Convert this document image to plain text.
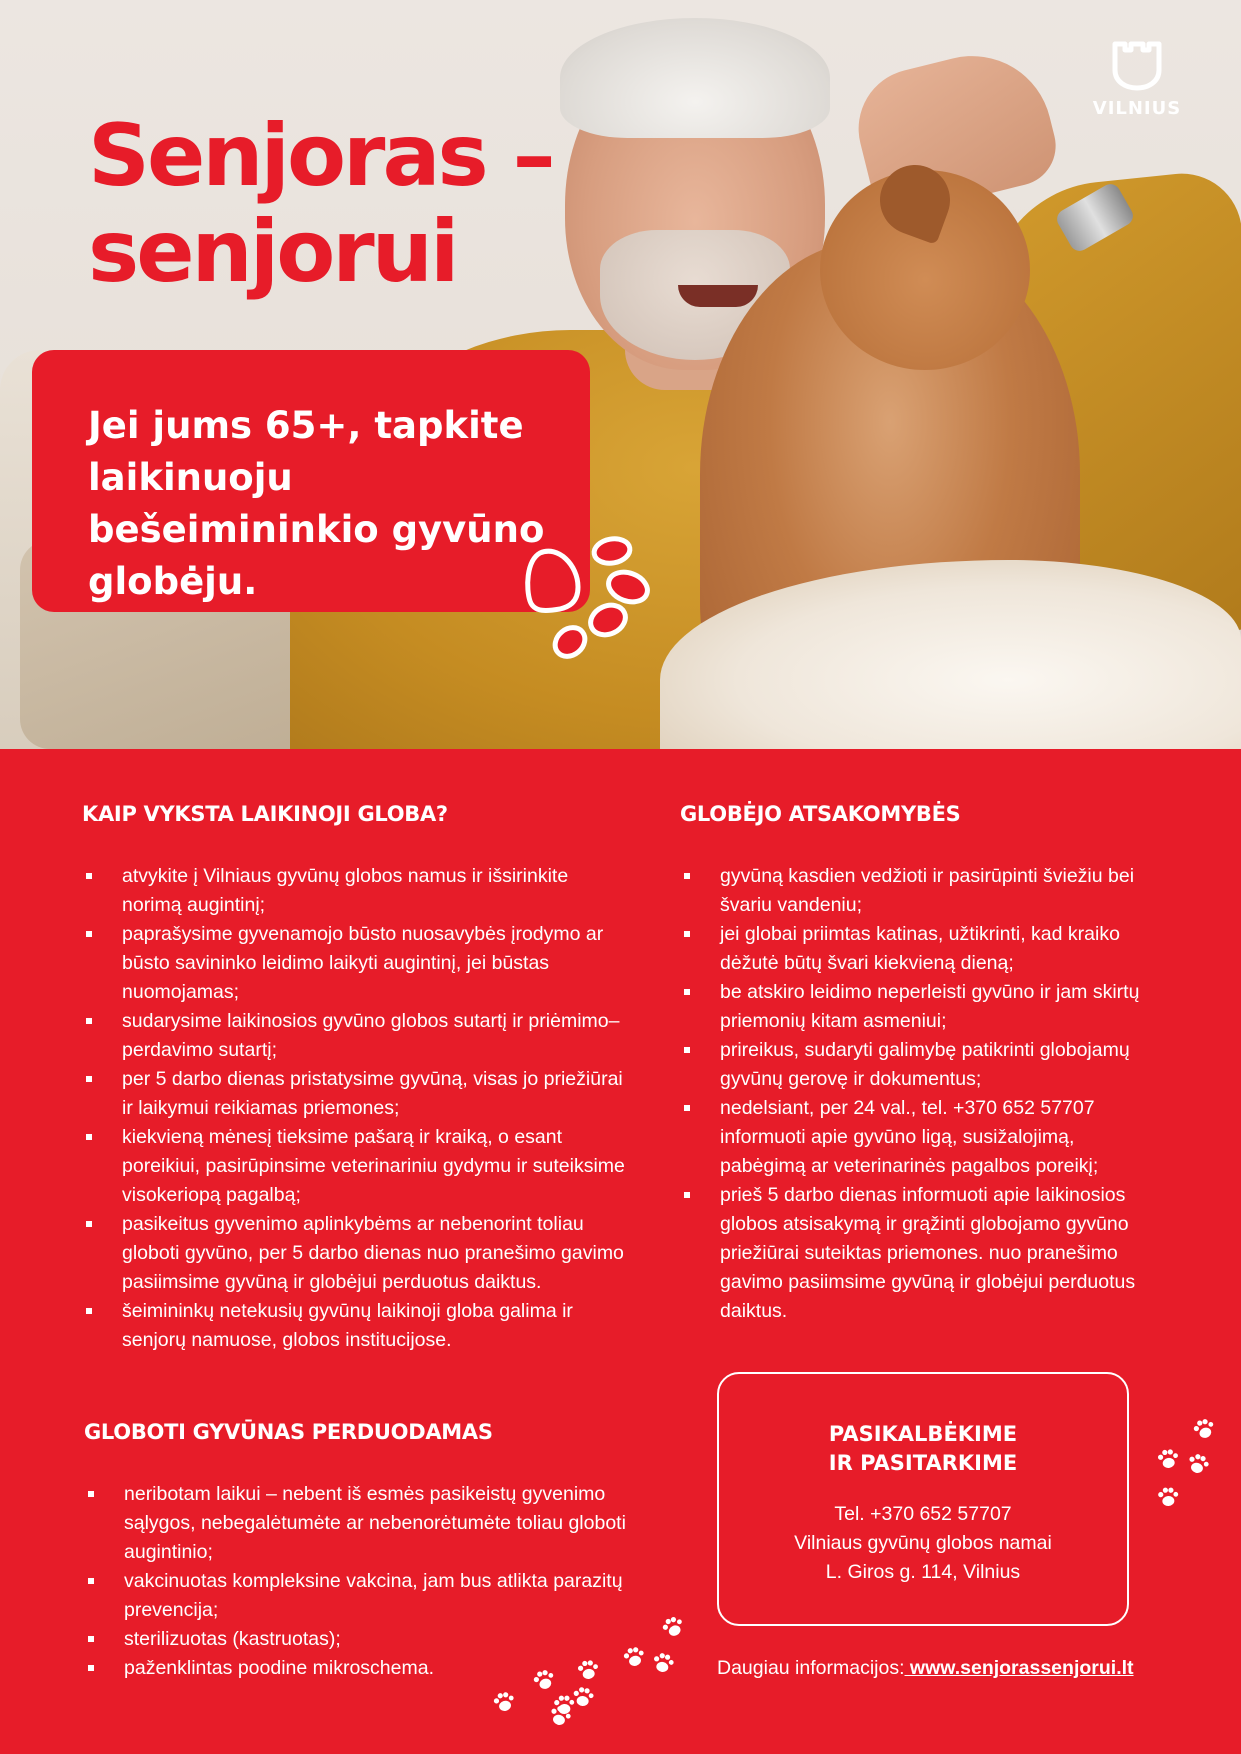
Senjoras –
senjorui
VILNIUS

Jei jums 65+, tapkite laikinuoju bešeimininkio gyvūno globėju.

KAIP VYKSTA LAIKINOJI GLOBA?
atvykite į Vilniaus gyvūnų globos namus ir išsirinkite norimą augintinį;
paprašysime gyvenamojo būsto nuosavybės įrodymo ar būsto savininko leidimo laikyti augintinį, jei būstas nuomojamas;
sudarysime laikinosios gyvūno globos sutartį ir priėmimo–perdavimo sutartį;
per 5 darbo dienas pristatysime gyvūną, visas jo priežiūrai ir laikymui reikiamas priemones;
kiekvieną mėnesį tieksime pašarą ir kraiką, o esant poreikiui, pasirūpinsime veterinariniu gydymu ir suteiksime visokeriopą pagalbą;
pasikeitus gyvenimo aplinkybėms ar nebenorint toliau globoti gyvūno, per 5 darbo dienas nuo pranešimo gavimo pasiimsime gyvūną ir globėjui perduotus daiktus.
šeimininkų netekusių gyvūnų laikinoji globa galima ir senjorų namuose, globos institucijose.
GLOBĖJO ATSAKOMYBĖS
gyvūną kasdien vedžioti ir pasirūpinti šviežiu bei švariu vandeniu;
jei globai priimtas katinas, užtikrinti, kad kraiko dėžutė būtų švari kiekvieną dieną;
be atskiro leidimo neperleisti gyvūno ir jam skirtų priemonių kitam asmeniui;
prireikus, sudaryti galimybę patikrinti globojamų gyvūnų gerovę ir dokumentus;
nedelsiant, per 24 val., tel. +370 652 57707 informuoti apie gyvūno ligą, susižalojimą, pabėgimą ar veterinarinės pagalbos poreikį;
prieš 5 darbo dienas informuoti apie laikinosios globos atsisakymą ir grąžinti globojamo gyvūno priežiūrai suteiktas priemones. nuo pranešimo gavimo pasiimsime gyvūną ir globėjui perduotus daiktus.
GLOBOTI GYVŪNAS PERDUODAMAS
neribotam laikui – nebent iš esmės pasikeistų gyvenimo sąlygos, nebegalėtumėte ar nebenorėtumėte toliau globoti augintinio;
vakcinuotas kompleksine vakcina, jam bus atlikta parazitų prevencija;
sterilizuotas (kastruotas);
paženklintas poodine mikroschema.
PASIKALBĖKIME
IR PASITARKIME
Tel. +370 652 57707
Vilniaus gyvūnų globos namai
L. Giros g. 114, Vilnius
Daugiau informacijos: www.senjorassenjorui.lt
